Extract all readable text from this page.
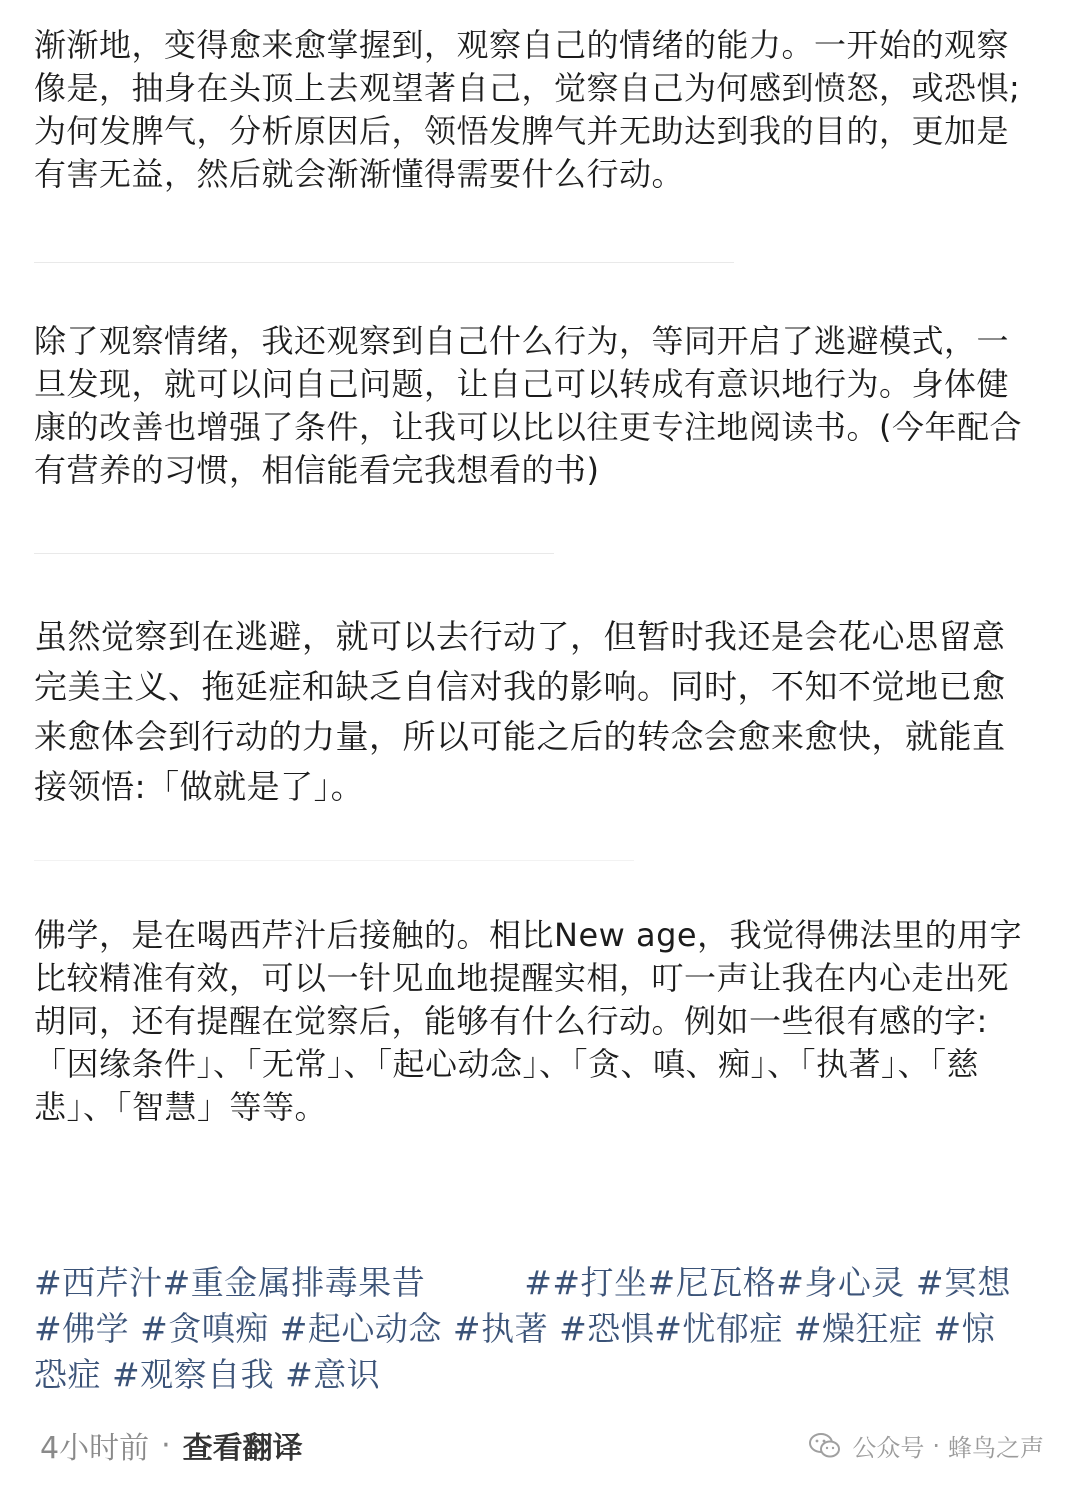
渐渐地，变得愈来愈掌握到，观察自己的情绪的能力。一开始的观察像是，抽身在头顶上去观望著自己，觉察自己为何感到愤怒，或恐惧;为何发脾气，分析原因后，领悟发脾气并无助达到我的目的，更加是有害无益，然后就会渐渐懂得需要什么行动。

除了观察情绪，我还观察到自己什么行为，等同开启了逃避模式，一旦发现，就可以问自己问题，让自己可以转成有意识地行为。身体健康的改善也增强了条件，让我可以比以往更专注地阅读书。(今年配合有营养的习惯，相信能看完我想看的书)

虽然觉察到在逃避，就可以去行动了，但暂时我还是会花心思留意完美主义、拖延症和缺乏自信对我的影响。同时，不知不觉地已愈来愈体会到行动的力量，所以可能之后的转念会愈来愈快，就能直接领悟:「做就是了」。

佛学，是在喝西芹汁后接触的。相比New age，我觉得佛法里的用字比较精准有效，可以一针见血地提醒实相，叮一声让我在内心走出死胡同，还有提醒在觉察后，能够有什么行动。例如一些很有感的字:「因缘条件」、「无常」、「起心动念」、「贪、嗔、痴」、「执著」、「慈悲」、「智慧」等等。

#西芹汁#重金属排毒果昔	##打坐#尼瓦格#身心灵 #冥想 #佛学 #贪嗔痴 #起心动念 #执著 #恐惧#忧郁症 #燥狂症 #惊恐症 #观察自我 #意识
4小时前 · 查看翻译	公众号 · 蜂鸟之声
